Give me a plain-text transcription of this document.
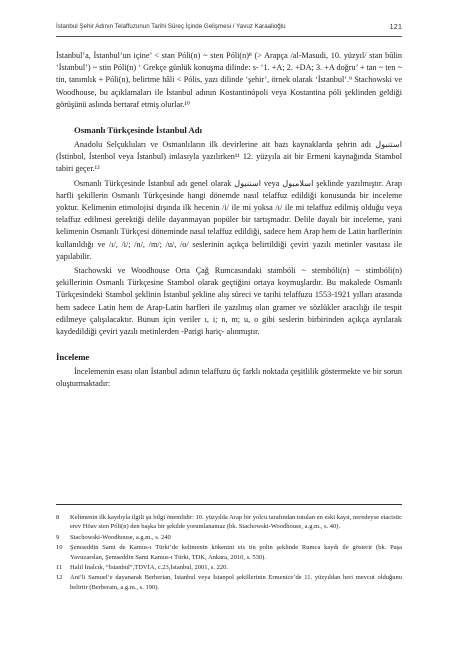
İstanbul Şehir Adının Telaffuzunun Tarihi Süreç İçinde Gelişmesi / Yavuz Karaalioğlu	121

İstanbul’a, İstanbul’un içine’ < stan Póli(n) ~ sten Póli(n)⁸ (> Arapça /al-Masudi, 10. yüzyıl/ stan būlin ‘İstanbul’) ~ stin Póli(n) ‘ Grekçe günlük konuşma dilinde: s- ‘1. +A; 2. +DA; 3. +A doğru’ + tan ~ ten ~ tin, tanımlık + Póli(n), belirtme hâli < Pólis, yazı dilinde ‘şehir’, örnek olarak ‘İstanbul’.⁹ Stachowski ve Woodhouse, bu açıklamaları ile İstanbul adının Kostantinópoli veya Kostantina póli şeklinden geldiği görüşünü aslında bertaraf etmiş olurlar.¹⁰

Osmanlı Türkçesinde İstanbul Adı

Anadolu Selçukluları ve Osmanlıların ilk devirlerine ait bazı kaynaklarda şehrin adı استنبول (İstinbol, İstenbol veya İstanbul) imlasıyla yazılırken¹¹ 12. yüzyıla ait bir Ermeni kaynağında Stambol tabiri geçer.¹²

Osmanlı Türkçesinde İstanbul adı genel olarak استنبول veya اسلامبول şeklinde yazılmıştır. Arap harfli şekillerin Osmanlı Türkçesinde hangi dönemde nasıl telaffuz edildiği konusunda bir inceleme yoktur. Kelimenin etimolojisi dışında ilk hecenin /i/ ile mi yoksa /ı/ ile mi telaffuz edilmiş olduğu veya telaffuz edilmesi gerektiği delile dayanmayan popüler bir tartışmadır. Delile dayalı bir inceleme, yani kelimenin Osmanlı Türkçesi döneminde nasıl telaffuz edildiği, sadece hem Arap hem de Latin harflerinin kullanıldığı ve /ı/, /i/; /n/, /m/; /u/, /o/ seslerinin açıkça belirtildiği çeviri yazılı metinler vasıtası ile yapılabilir.

Stachowski ve Woodhouse Orta Çağ Rumcasındaki stambóli ~ stembóli(n) ~ stimbóli(n) şekillerinin Osmanlı Türkçesine Stambol olarak geçtiğini ortaya koymuşlardır. Bu makalede Osmanlı Türkçesindeki Stambol şeklinin İstanbul şekline alış süreci ve tarihi telaffuzu 1553-1921 yılları arasında hem sadece Latin hem de Arap-Latin harfleri ile yazılmış olan gramer ve sözlükler aracılığı ile tespit edilmeye çalışılacaktır. Bunun için veriler ı, i; n, m; u, o gibi seslerin birbirinden açıkça ayrılarak kaydedildiği çeviri yazılı metinlerden -Parigi hariç- alınmıştır.

İnceleme

İncelemenin esası olan İstanbul adının telaffuzu üç farklı noktada çeşitlilik göstermekte ve bir sorun oluşturmaktadır:

8	Kelimenin ilk kaydıyla ilgili şu bilgi önemlidir: 10. yüzyılda Arap bir yolcu tarafından tutulan en eski kayıt, neredeyse etacistic erev Hōav sten Póli(n) den başka bir şekilde yorumlanamaz (bk. Stachowski-Woodhouse, a.g.m., s. 40).
9	Stachowski-Woodhouse, a.g.m., s. 240
10	Şemseddin Sami de Kamus-ı Türki’de kelimenin kökenini eis tin polin şeklinde Rumca kaydı ile gösterir (bk. Paşa Yavuzarslan, Şemseddin Sami Kamus-ı Türki, TDK, Ankara, 2010, s. 530).
11	Halil İnalcık, “İstanbul”,TDVİA, c.23,İstanbul, 2001, s. 220.
12	Ani’li Samuel’e dayanarak Berberian, İstanbul veya İstanpol şekillerinin Ermenice’de 11. yüzyıldan beri mevcut olduğunu belirtir (Berberain, a.g.m., s. 190).
